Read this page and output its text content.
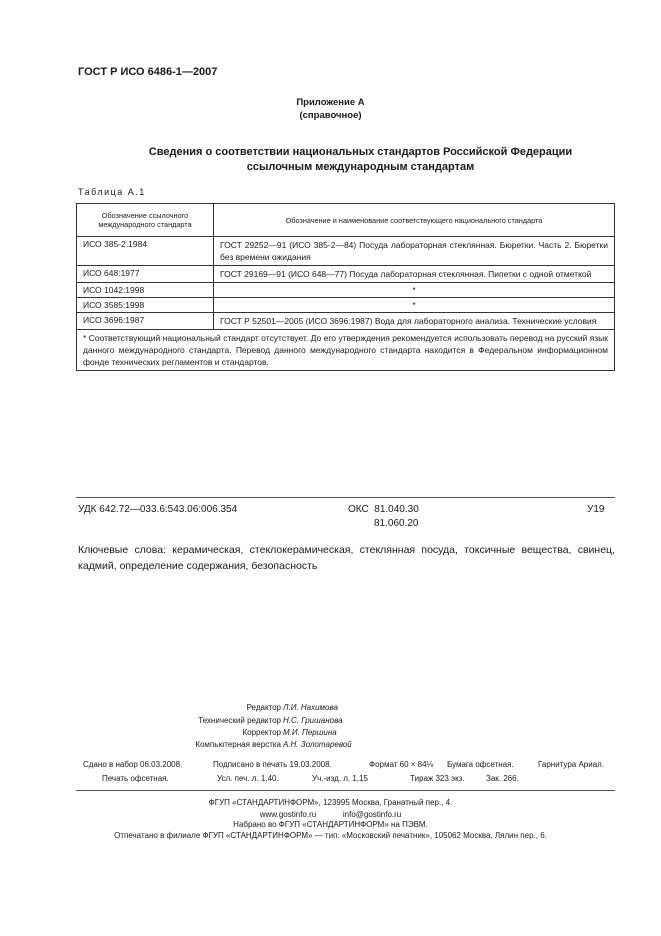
ГОСТ Р ИСО 6486-1—2007
Приложение А
(справочное)
Сведения о соответствии национальных стандартов Российской Федерации
ссылочным международным стандартам
Таблица А.1
Обозначение ссылочного международного стандарта	Обозначение и наименование соответствующего национального стандарта
ИСО 385-2:1984	ГОСТ 29252—91 (ИСО 385-2—84) Посуда лабораторная стеклянная. Бюретки. Часть 2. Бюретки без времени ожидания
ИСО 648:1977	ГОСТ 29169—91 (ИСО 648—77) Посуда лабораторная стеклянная. Пипетки с одной отметкой
ИСО 1042:1998	*
ИСО 3585:1998	*
ИСО 3696:1987	ГОСТ Р 52501—2005 (ИСО 3696:1987) Вода для лабораторного анализа. Технические условия
* Соответствующий национальный стандарт отсутствует. До его утверждения рекомендуется использовать перевод на русский язык данного международного стандарта. Перевод данного международного стандарта находится в Федеральном информационном фонде технических регламентов и стандартов.	
УДК 642.72—033.6:543.06:006.354	ОКС 81.040.30
81.060.20
У19
Ключевые слова: керамическая, стеклокерамическая, стеклянная посуда, токсичные вещества, свинец, кадмий, определение содержания, безопасность
Редактор Л.И. Нахимова
Технический редактор Н.С. Гришанова
Корректор М.И. Першина
Компьютерная верстка А.Н. Золотаревой
Сдано в набор 06.03.2008.	Подписано в печать 19.03.2008.	Формат 60 × 84⅛ Бумага офсетная.	Гарнитура Ариал.
Печать офсетная.	Усл. печ. л. 1,40.	Уч.-изд. л. 1,15	Тираж 323 экз.	Зак. 266.
ФГУП «СТАНДАРТИНФОРМ», 123995 Москва, Гранатный пер., 4.
www.gostinfo.ru	info@gostinfo.ru
Набрано во ФГУП «СТАНДАРТИНФОРМ» на ПЭВМ.
Отпечатано в филиале ФГУП «СТАНДАРТИНФОРМ» — тип. «Московский печатник», 105062 Москва, Лялин пер., 6.
